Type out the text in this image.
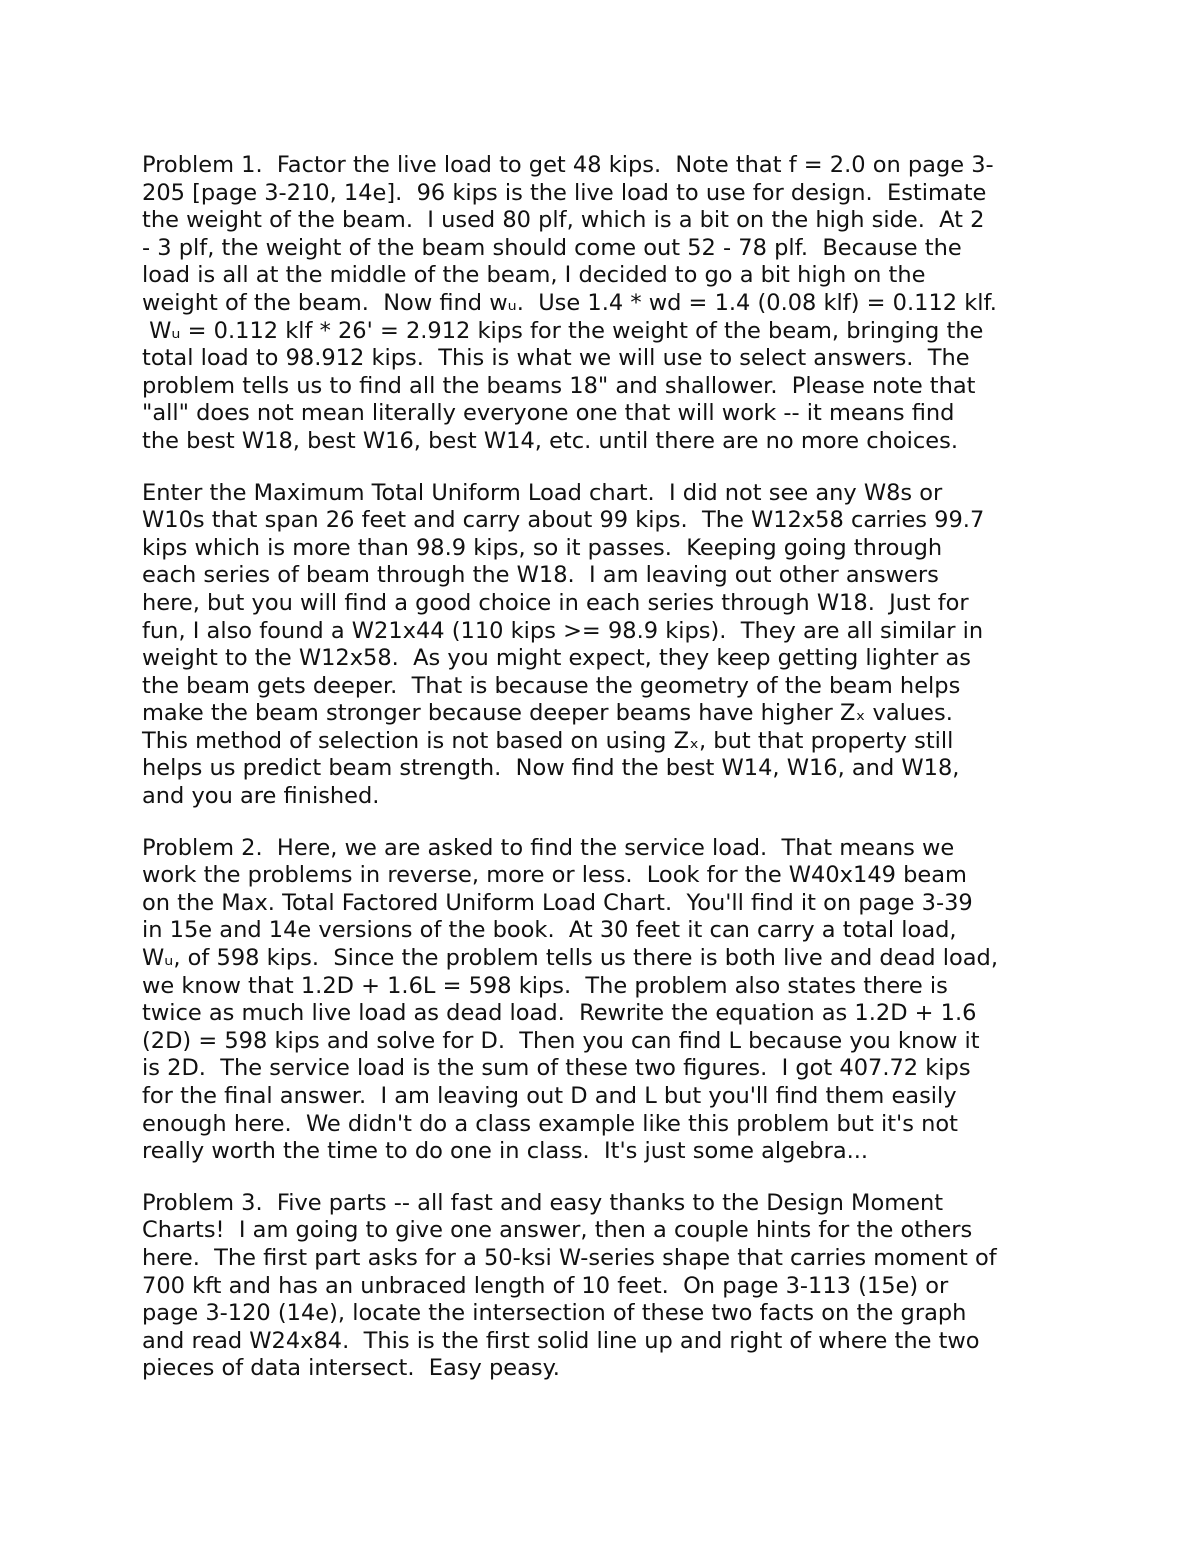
Problem 1.  Factor the live load to get 48 kips.  Note that f = 2.0 on page 3-
205 [page 3-210, 14e].  96 kips is the live load to use for design.  Estimate
the weight of the beam.  I used 80 plf, which is a bit on the high side.  At 2
- 3 plf, the weight of the beam should come out 52 - 78 plf.  Because the
load is all at the middle of the beam, I decided to go a bit high on the
weight of the beam.  Now find wᵤ.  Use 1.4 * wd = 1.4 (0.08 klf) = 0.112 klf.
Wᵤ = 0.112 klf * 26' = 2.912 kips for the weight of the beam, bringing the
total load to 98.912 kips.  This is what we will use to select answers.  The
problem tells us to find all the beams 18" and shallower.  Please note that
"all" does not mean literally everyone one that will work -- it means find
the best W18, best W16, best W14, etc. until there are no more choices.

Enter the Maximum Total Uniform Load chart.  I did not see any W8s or
W10s that span 26 feet and carry about 99 kips.  The W12x58 carries 99.7
kips which is more than 98.9 kips, so it passes.  Keeping going through
each series of beam through the W18.  I am leaving out other answers
here, but you will find a good choice in each series through W18.  Just for
fun, I also found a W21x44 (110 kips >= 98.9 kips).  They are all similar in
weight to the W12x58.  As you might expect, they keep getting lighter as
the beam gets deeper.  That is because the geometry of the beam helps
make the beam stronger because deeper beams have higher Zₓ values.
This method of selection is not based on using Zₓ, but that property still
helps us predict beam strength.  Now find the best W14, W16, and W18,
and you are finished.

Problem 2.  Here, we are asked to find the service load.  That means we
work the problems in reverse, more or less.  Look for the W40x149 beam
on the Max. Total Factored Uniform Load Chart.  You'll find it on page 3-39
in 15e and 14e versions of the book.  At 30 feet it can carry a total load,
Wᵤ, of 598 kips.  Since the problem tells us there is both live and dead load,
we know that 1.2D + 1.6L = 598 kips.  The problem also states there is
twice as much live load as dead load.  Rewrite the equation as 1.2D + 1.6
(2D) = 598 kips and solve for D.  Then you can find L because you know it
is 2D.  The service load is the sum of these two figures.  I got 407.72 kips
for the final answer.  I am leaving out D and L but you'll find them easily
enough here.  We didn't do a class example like this problem but it's not
really worth the time to do one in class.  It's just some algebra...

Problem 3.  Five parts -- all fast and easy thanks to the Design Moment
Charts!  I am going to give one answer, then a couple hints for the others
here.  The first part asks for a 50-ksi W-series shape that carries moment of
700 kft and has an unbraced length of 10 feet.  On page 3-113 (15e) or
page 3-120 (14e), locate the intersection of these two facts on the graph
and read W24x84.  This is the first solid line up and right of where the two
pieces of data intersect.  Easy peasy.
